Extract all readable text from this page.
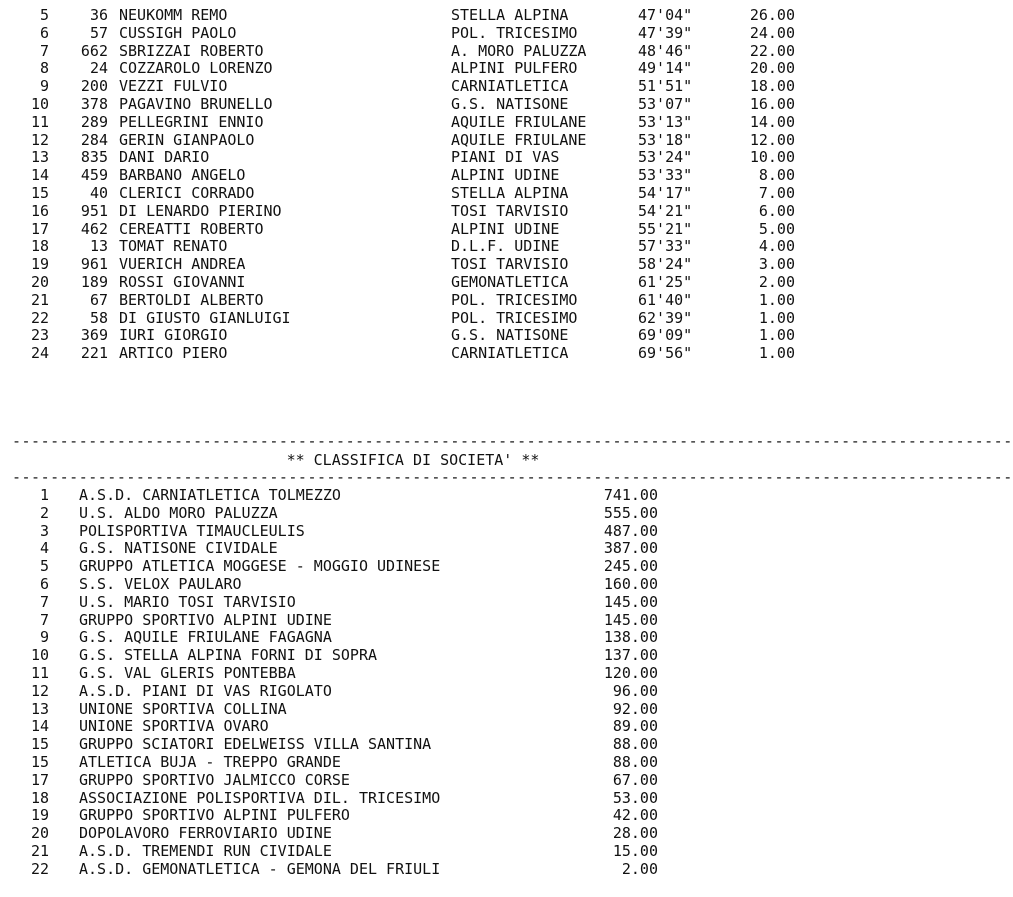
5	36 NEUKOMM REMO	STELLA ALPINA	47'04"	26.00
6	57 CUSSIGH PAOLO	POL. TRICESIMO	47'39"	24.00
7	662 SBRIZZAI ROBERTO	A. MORO PALUZZA	48'46"	22.00
8	24 COZZAROLO LORENZO	ALPINI PULFERO	49'14"	20.00
9	200 VEZZI FULVIO	CARNIATLETICA	51'51"	18.00
10	378 PAGAVINO BRUNELLO	G.S. NATISONE	53'07"	16.00
11	289 PELLEGRINI ENNIO	AQUILE FRIULANE	53'13"	14.00
12	284 GERIN GIANPAOLO	AQUILE FRIULANE	53'18"	12.00
13	835 DANI DARIO	PIANI DI VAS	53'24"	10.00
14	459 BARBANO ANGELO	ALPINI UDINE	53'33"	8.00
15	40 CLERICI CORRADO	STELLA ALPINA	54'17"	7.00
16	951 DI LENARDO PIERINO	TOSI TARVISIO	54'21"	6.00
17	462 CEREATTI ROBERTO	ALPINI UDINE	55'21"	5.00
18	13 TOMAT RENATO	D.L.F. UDINE	57'33"	4.00
19	961 VUERICH ANDREA	TOSI TARVISIO	58'24"	3.00
20	189 ROSSI GIOVANNI	GEMONATLETICA	61'25"	2.00
21	67 BERTOLDI ALBERTO	POL. TRICESIMO	61'40"	1.00
22	58 DI GIUSTO GIANLUIGI	POL. TRICESIMO	62'39"	1.00
23	369 IURI GIORGIO	G.S. NATISONE	69'09"	1.00
24	221 ARTICO PIERO	CARNIATLETICA	69'56"	1.00
---------------------------------------------------------------------------------------------------------
** CLASSIFICA DI SOCIETA' **
---------------------------------------------------------------------------------------------------------
1 A.S.D. CARNIATLETICA TOLMEZZO	741.00
2 U.S. ALDO MORO PALUZZA	555.00
3 POLISPORTIVA TIMAUCLEULIS	487.00
4 G.S. NATISONE CIVIDALE	387.00
5 GRUPPO ATLETICA MOGGESE - MOGGIO UDINESE	245.00
6 S.S. VELOX PAULARO	160.00
7 U.S. MARIO TOSI TARVISIO	145.00
7 GRUPPO SPORTIVO ALPINI UDINE	145.00
9 G.S. AQUILE FRIULANE FAGAGNA	138.00
10 G.S. STELLA ALPINA FORNI DI SOPRA	137.00
11 G.S. VAL GLERIS PONTEBBA	120.00
12 A.S.D. PIANI DI VAS RIGOLATO	96.00
13 UNIONE SPORTIVA COLLINA	92.00
14 UNIONE SPORTIVA OVARO	89.00
15 GRUPPO SCIATORI EDELWEISS VILLA SANTINA	88.00
15 ATLETICA BUJA - TREPPO GRANDE	88.00
17 GRUPPO SPORTIVO JALMICCO CORSE	67.00
18 ASSOCIAZIONE POLISPORTIVA DIL. TRICESIMO	53.00
19 GRUPPO SPORTIVO ALPINI PULFERO	42.00
20 DOPOLAVORO FERROVIARIO UDINE	28.00
21 A.S.D. TREMENDI RUN CIVIDALE	15.00
22 A.S.D. GEMONATLETICA - GEMONA DEL FRIULI	2.00
